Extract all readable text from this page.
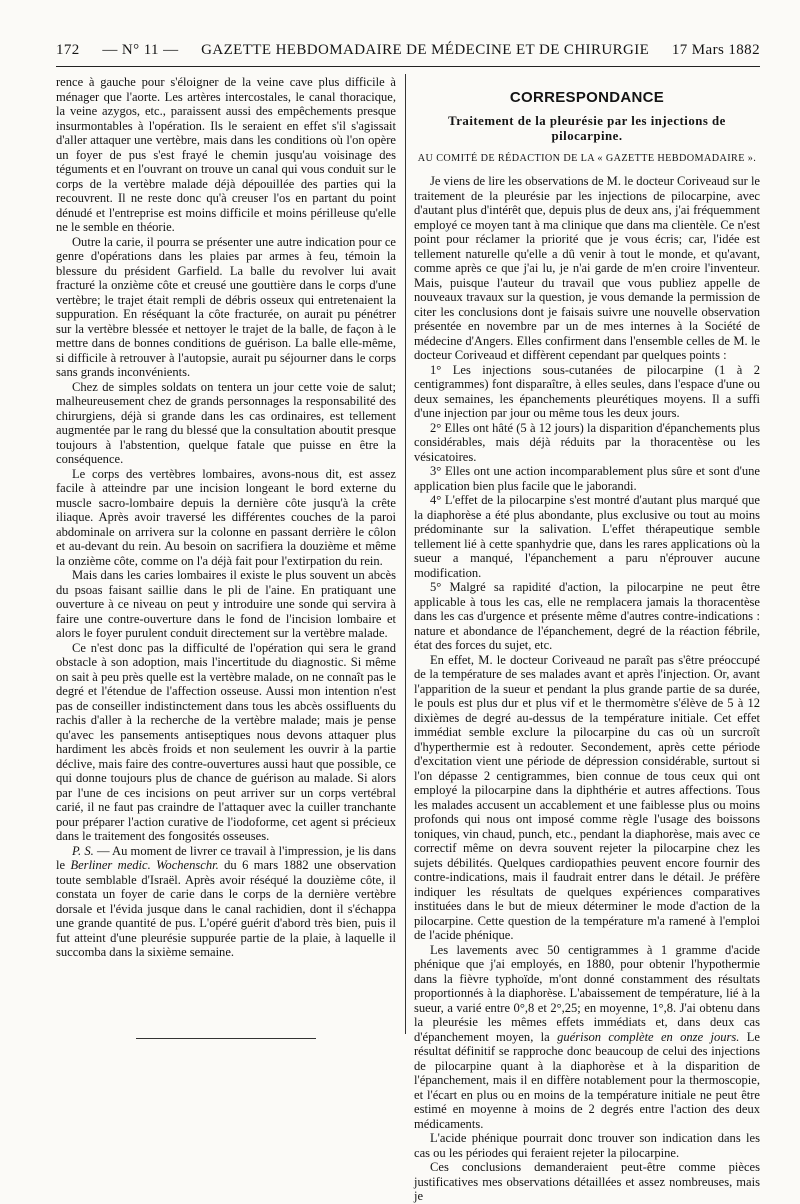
172 — N° 11 — GAZETTE HEBDOMADAIRE DE MÉDECINE ET DE CHIRURGIE 17 Mars 1882

rence à gauche pour s'éloigner de la veine cave plus difficile à ménager que l'aorte. Les artères intercostales, le canal thoracique, la veine azygos, etc., paraissent aussi des empêchements presque insurmontables à l'opération. Ils le seraient en effet s'il s'agissait d'aller attaquer une vertèbre, mais dans les conditions où l'on opère un foyer de pus s'est frayé le chemin jusqu'au voisinage des téguments et en l'ouvrant on trouve un canal qui vous conduit sur le corps de la vertèbre malade déjà dépouillée des parties qui la recouvrent. Il ne reste donc qu'à creuser l'os en partant du point dénudé et l'entreprise est moins difficile et moins périlleuse qu'elle ne le semble en théorie.

Outre la carie, il pourra se présenter une autre indication pour ce genre d'opérations dans les plaies par armes à feu, témoin la blessure du président Garfield. La balle du revolver lui avait fracturé la onzième côte et creusé une gouttière dans le corps d'une vertèbre; le trajet était rempli de débris osseux qui entretenaient la suppuration. En réséquant la côte fracturée, on aurait pu pénétrer sur la vertèbre blessée et nettoyer le trajet de la balle, de façon à le mettre dans de bonnes conditions de guérison. La balle elle-même, si difficile à retrouver à l'autopsie, aurait pu séjourner dans le corps sans grands inconvénients.

Chez de simples soldats on tentera un jour cette voie de salut; malheureusement chez de grands personnages la responsabilité des chirurgiens, déjà si grande dans les cas ordinaires, est tellement augmentée par le rang du blessé que la consultation aboutit presque toujours à l'abstention, quelque fatale que puisse en être la conséquence.

Le corps des vertèbres lombaires, avons-nous dit, est assez facile à atteindre par une incision longeant le bord externe du muscle sacro-lombaire depuis la dernière côte jusqu'à la crête iliaque. Après avoir traversé les différentes couches de la paroi abdominale on arrivera sur la colonne en passant derrière le côlon et au-devant du rein. Au besoin on sacrifiera la douzième et même la onzième côte, comme on l'a déjà fait pour l'extirpation du rein.

Mais dans les caries lombaires il existe le plus souvent un abcès du psoas faisant saillie dans le pli de l'aine. En pratiquant une ouverture à ce niveau on peut y introduire une sonde qui servira à faire une contre-ouverture dans le fond de l'incision lombaire et alors le foyer purulent conduit directement sur la vertèbre malade.

Ce n'est donc pas la difficulté de l'opération qui sera le grand obstacle à son adoption, mais l'incertitude du diagnostic. Si même on sait à peu près quelle est la vertèbre malade, on ne connaît pas le degré et l'étendue de l'affection osseuse. Aussi mon intention n'est pas de conseiller indistinctement dans tous les abcès ossifluents du rachis d'aller à la recherche de la vertèbre malade; mais je pense qu'avec les pansements antiseptiques nous devons attaquer plus hardiment les abcès froids et non seulement les ouvrir à la partie déclive, mais faire des contre-ouvertures aussi haut que possible, ce qui donne toujours plus de chance de guérison au malade. Si alors par l'une de ces incisions on peut arriver sur un corps vertébral carié, il ne faut pas craindre de l'attaquer avec la cuiller tranchante pour préparer l'action curative de l'iodoforme, cet agent si précieux dans le traitement des fongosités osseuses.

P. S. — Au moment de livrer ce travail à l'impression, je lis dans le Berliner medic. Wochenschr. du 6 mars 1882 une observation toute semblable d'Israël. Après avoir réséqué la douzième côte, il constata un foyer de carie dans le corps de la dernière vertèbre dorsale et l'évida jusque dans le canal rachidien, dont il s'échappa une grande quantité de pus. L'opéré guérit d'abord très bien, puis il fut atteint d'une pleurésie suppurée partie de la plaie, à laquelle il succomba dans la sixième semaine.

CORRESPONDANCE
Traitement de la pleurésie par les injections de pilocarpine.
AU COMITÉ DE RÉDACTION DE LA « GAZETTE HEBDOMADAIRE ».

Je viens de lire les observations de M. le docteur Coriveaud sur le traitement de la pleurésie par les injections de pilocarpine, avec d'autant plus d'intérêt que, depuis plus de deux ans, j'ai fréquemment employé ce moyen tant à ma clinique que dans ma clientèle. Ce n'est point pour réclamer la priorité que je vous écris; car, l'idée est tellement naturelle qu'elle a dû venir à tout le monde, et qu'avant, comme après ce que j'ai lu, je n'ai garde de m'en croire l'inventeur. Mais, puisque l'auteur du travail que vous publiez appelle de nouveaux travaux sur la question, je vous demande la permission de citer les conclusions dont je faisais suivre une nouvelle observation présentée en novembre par un de mes internes à la Société de médecine d'Angers. Elles confirment dans l'ensemble celles de M. le docteur Coriveaud et diffèrent cependant par quelques points :

1° Les injections sous-cutanées de pilocarpine (1 à 2 centigrammes) font disparaître, à elles seules, dans l'espace d'une ou deux semaines, les épanchements pleurétiques moyens. Il a suffi d'une injection par jour ou même tous les deux jours.

2° Elles ont hâté (5 à 12 jours) la disparition d'épanchements plus considérables, mais déjà réduits par la thoracentèse ou les vésicatoires.

3° Elles ont une action incomparablement plus sûre et sont d'une application bien plus facile que le jaborandi.

4° L'effet de la pilocarpine s'est montré d'autant plus marqué que la diaphorèse a été plus abondante, plus exclusive ou tout au moins prédominante sur la salivation. L'effet thérapeutique semble tellement lié à cette spanhydrie que, dans les rares applications où la sueur a manqué, l'épanchement a paru n'éprouver aucune modification.

5° Malgré sa rapidité d'action, la pilocarpine ne peut être applicable à tous les cas, elle ne remplacera jamais la thoracentèse dans les cas d'urgence et présente même d'autres contre-indications : nature et abondance de l'épanchement, degré de la réaction fébrile, état des forces du sujet, etc.

En effet, M. le docteur Coriveaud ne paraît pas s'être préoccupé de la température de ses malades avant et après l'injection. Or, avant l'apparition de la sueur et pendant la plus grande partie de sa durée, le pouls est plus dur et plus vif et le thermomètre s'élève de 5 à 12 dixièmes de degré au-dessus de la température initiale. Cet effet immédiat semble exclure la pilocarpine du cas où un surcroît d'hyperthermie est à redouter. Secondement, après cette période d'excitation vient une période de dépression considérable, surtout si l'on dépasse 2 centigrammes, bien connue de tous ceux qui ont employé la pilocarpine dans la diphthérie et autres affections. Tous les malades accusent un accablement et une faiblesse plus ou moins profonds qui nous ont imposé comme règle l'usage des boissons toniques, vin chaud, punch, etc., pendant la diaphorèse, mais avec ce correctif même on devra souvent rejeter la pilocarpine chez les sujets débilités. Quelques cardiopathies peuvent encore fournir des contre-indications, mais il faudrait entrer dans le détail. Je préfère indiquer les résultats de quelques expériences comparatives instituées dans le but de mieux déterminer le mode d'action de la pilocarpine. Cette question de la température m'a ramené à l'emploi de l'acide phénique.

Les lavements avec 50 centigrammes à 1 gramme d'acide phénique que j'ai employés, en 1880, pour obtenir l'hypothermie dans la fièvre typhoïde, m'ont donné constamment des résultats proportionnés à la diaphorèse. L'abaissement de température, lié à la sueur, a varié entre 0°,8 et 2°,25; en moyenne, 1°,8. J'ai obtenu dans la pleurésie les mêmes effets immédiats et, dans deux cas d'épanchement moyen, la guérison complète en onze jours. Le résultat définitif se rapproche donc beaucoup de celui des injections de pilocarpine quant à la diaphorèse et à la disparition de l'épanchement, mais il en diffère notablement pour la thermoscopie, et l'écart en plus ou en moins de la température initiale ne peut être estimé en moyenne à moins de 2 degrés entre l'action des deux médicaments.

L'acide phénique pourrait donc trouver son indication dans les cas ou les périodes qui feraient rejeter la pilocarpine.

Ces conclusions demanderaient peut-être comme pièces justificatives mes observations détaillées et assez nombreuses, mais je
